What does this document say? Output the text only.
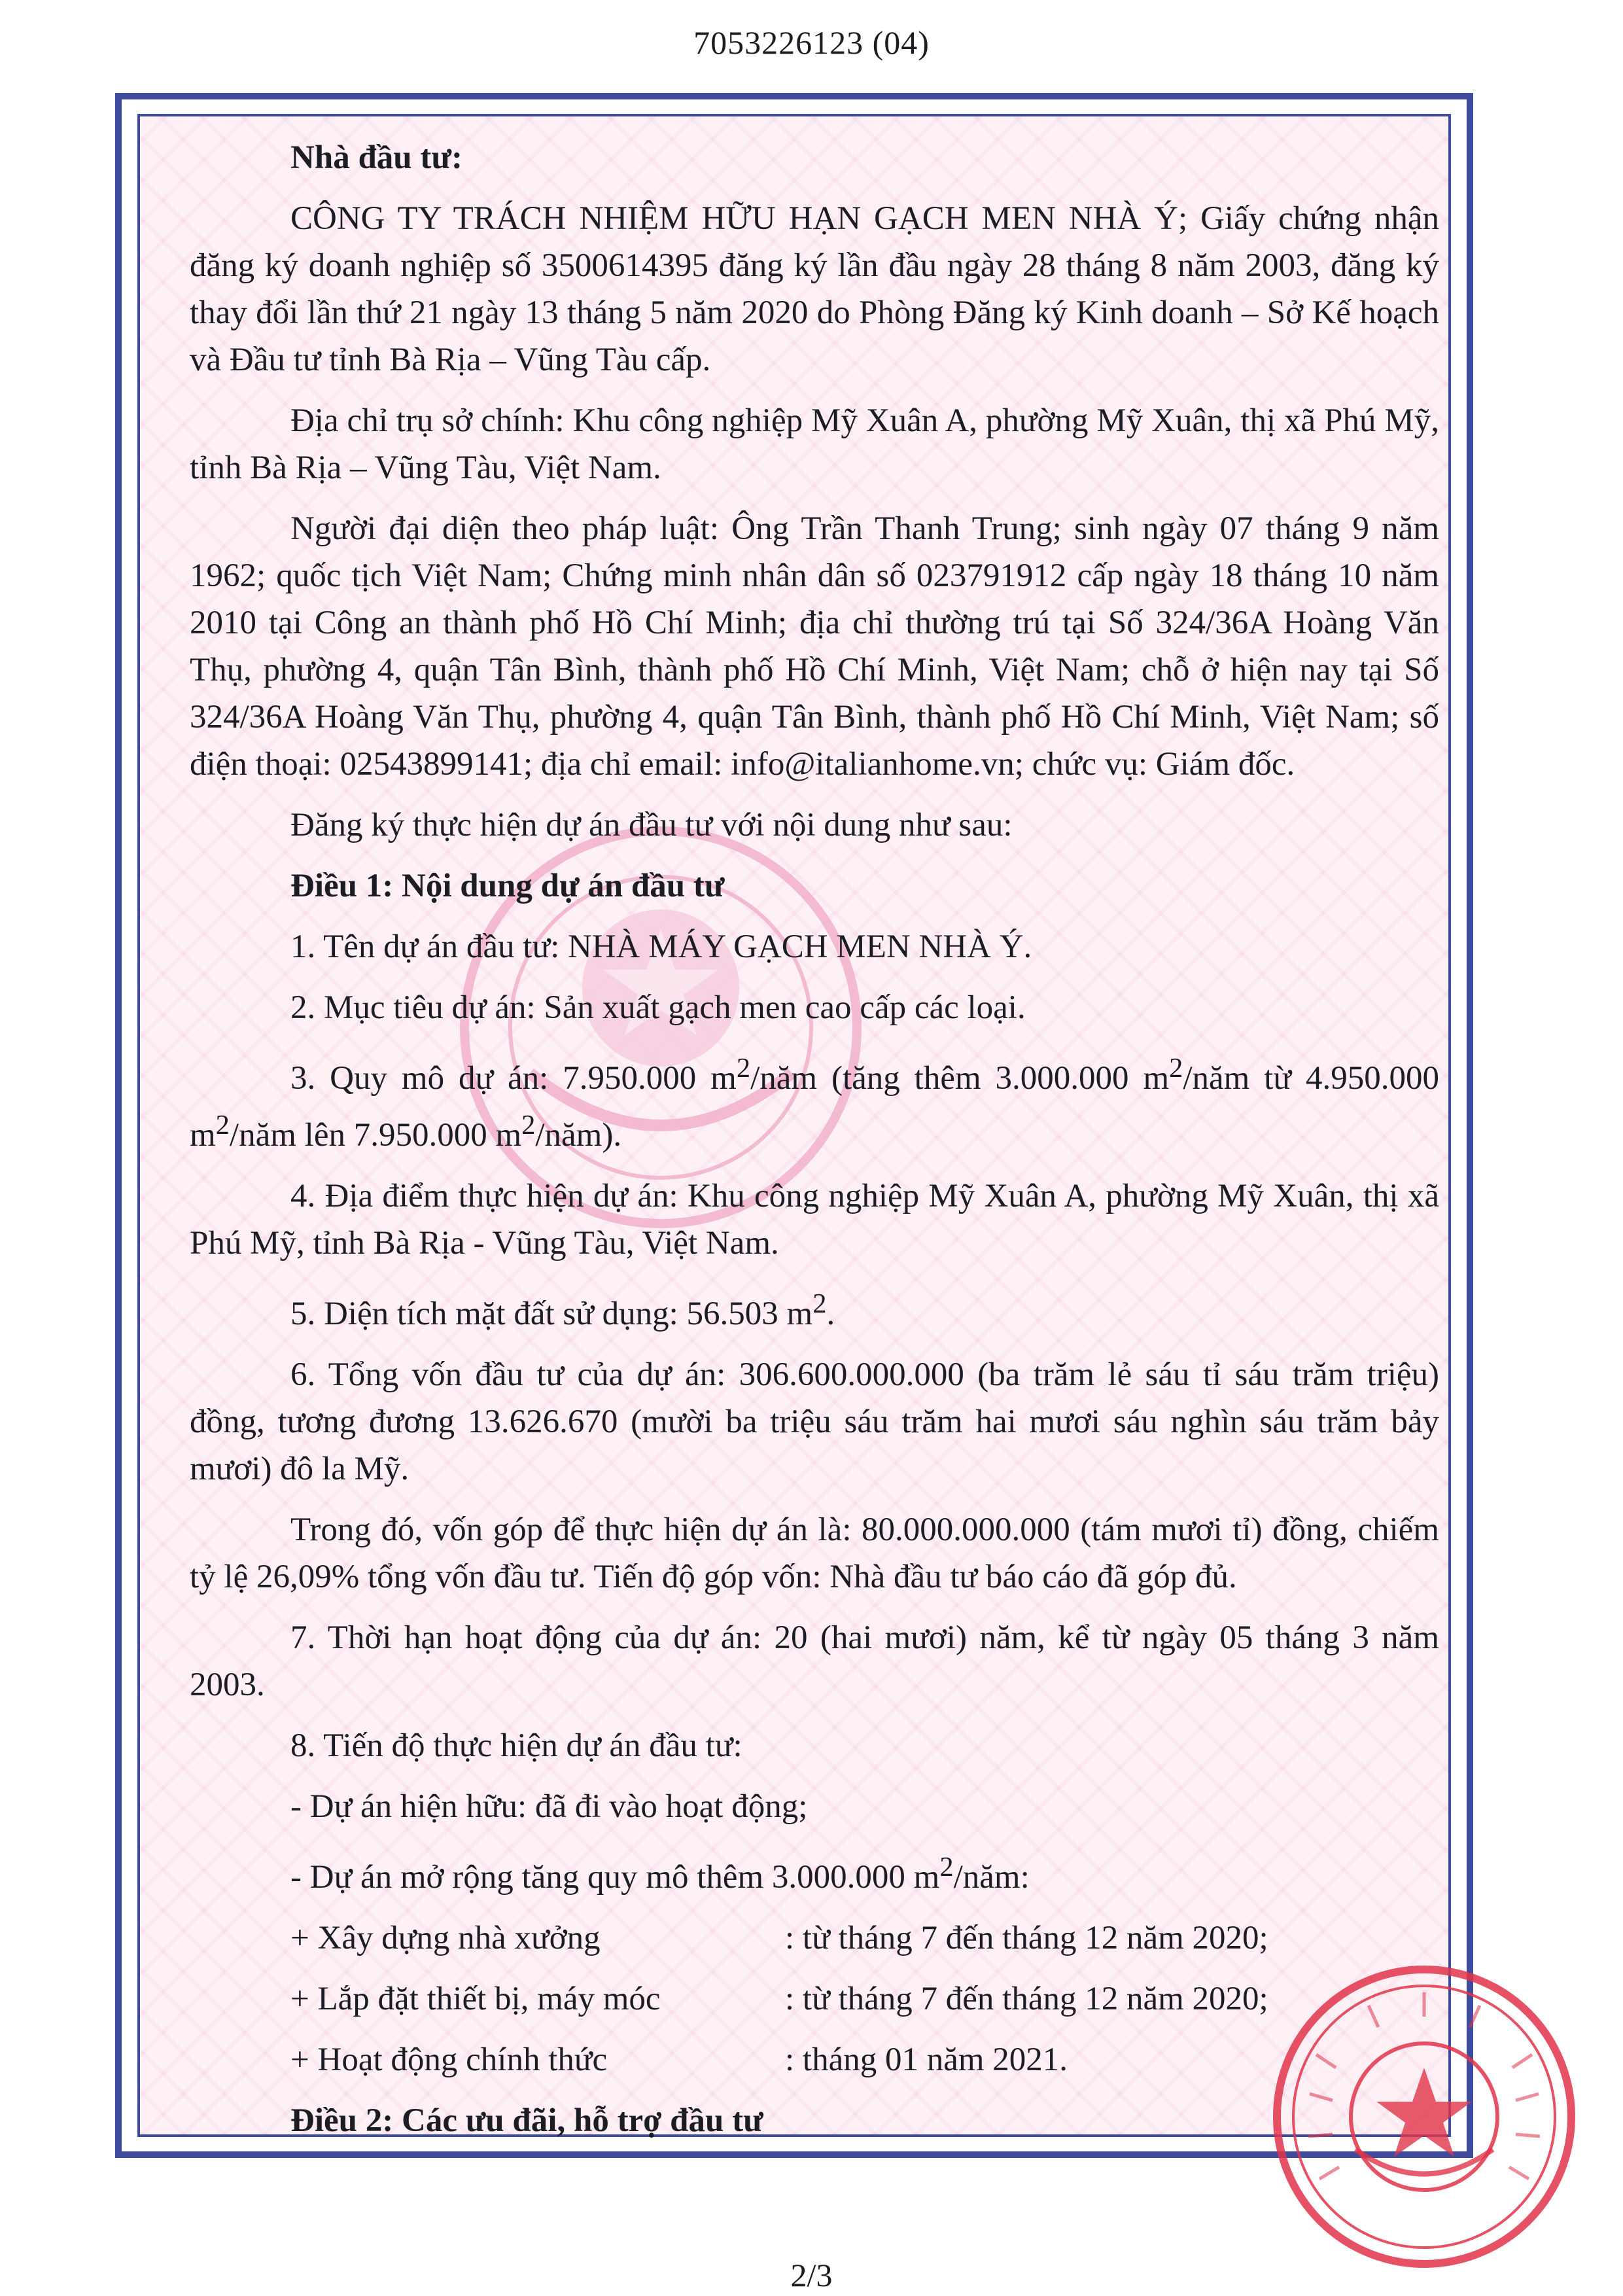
7053226123 (04)

Nhà đầu tư:

CÔNG TY TRÁCH NHIỆM HỮU HẠN GẠCH MEN NHÀ Ý; Giấy chứng nhận đăng ký doanh nghiệp số 3500614395 đăng ký lần đầu ngày 28 tháng 8 năm 2003, đăng ký thay đổi lần thứ 21 ngày 13 tháng 5 năm 2020 do Phòng Đăng ký Kinh doanh – Sở Kế hoạch và Đầu tư tỉnh Bà Rịa – Vũng Tàu cấp.

Địa chỉ trụ sở chính: Khu công nghiệp Mỹ Xuân A, phường Mỹ Xuân, thị xã Phú Mỹ, tỉnh Bà Rịa – Vũng Tàu, Việt Nam.

Người đại diện theo pháp luật: Ông Trần Thanh Trung; sinh ngày 07 tháng 9 năm 1962; quốc tịch Việt Nam; Chứng minh nhân dân số 023791912 cấp ngày 18 tháng 10 năm 2010 tại Công an thành phố Hồ Chí Minh; địa chỉ thường trú tại Số 324/36A Hoàng Văn Thụ, phường 4, quận Tân Bình, thành phố Hồ Chí Minh, Việt Nam; chỗ ở hiện nay tại Số 324/36A Hoàng Văn Thụ, phường 4, quận Tân Bình, thành phố Hồ Chí Minh, Việt Nam; số điện thoại: 02543899141; địa chỉ email: info@italianhome.vn; chức vụ: Giám đốc.

Đăng ký thực hiện dự án đầu tư với nội dung như sau:

Điều 1: Nội dung dự án đầu tư

1. Tên dự án đầu tư: NHÀ MÁY GẠCH MEN NHÀ Ý.

2. Mục tiêu dự án: Sản xuất gạch men cao cấp các loại.

3. Quy mô dự án: 7.950.000 $m^2$/năm (tăng thêm 3.000.000 $m^2$/năm từ 4.950.000 $m^2$/năm lên 7.950.000 $m^2/năm$).

4. Địa điểm thực hiện dự án: Khu công nghiệp Mỹ Xuân A, phường Mỹ Xuân, thị xã Phú Mỹ, tỉnh Bà Rịa - Vũng Tàu, Việt Nam.

5. Diện tích mặt đất sử dụng: 56.503 $m^2$.

6. Tổng vốn đầu tư của dự án: 306.600.000.000 (ba trăm lẻ sáu tỉ sáu trăm triệu) đồng, tương đương 13.626.670 (mười ba triệu sáu trăm hai mươi sáu nghìn sáu trăm bảy mươi) đô la Mỹ.

Trong đó, vốn góp để thực hiện dự án là: 80.000.000.000 (tám mươi tỉ) đồng, chiếm tỷ lệ 26,09% tổng vốn đầu tư. Tiến độ góp vốn: Nhà đầu tư báo cáo đã góp đủ.

7. Thời hạn hoạt động của dự án: 20 (hai mươi) năm, kể từ ngày 05 tháng 3 năm 2003.

8. Tiến độ thực hiện dự án đầu tư:

- Dự án hiện hữu: đã đi vào hoạt động;

- Dự án mở rộng tăng quy mô thêm 3.000.000 $m^2$/năm:

+ Xây dựng nhà xưởng	: từ tháng 7 đến tháng 12 năm 2020;
+ Lắp đặt thiết bị, máy móc	: từ tháng 7 đến tháng 12 năm 2020;
+ Hoạt động chính thức	: tháng 01 năm 2021.

Điều 2: Các ưu đãi, hỗ trợ đầu tư

2/3
